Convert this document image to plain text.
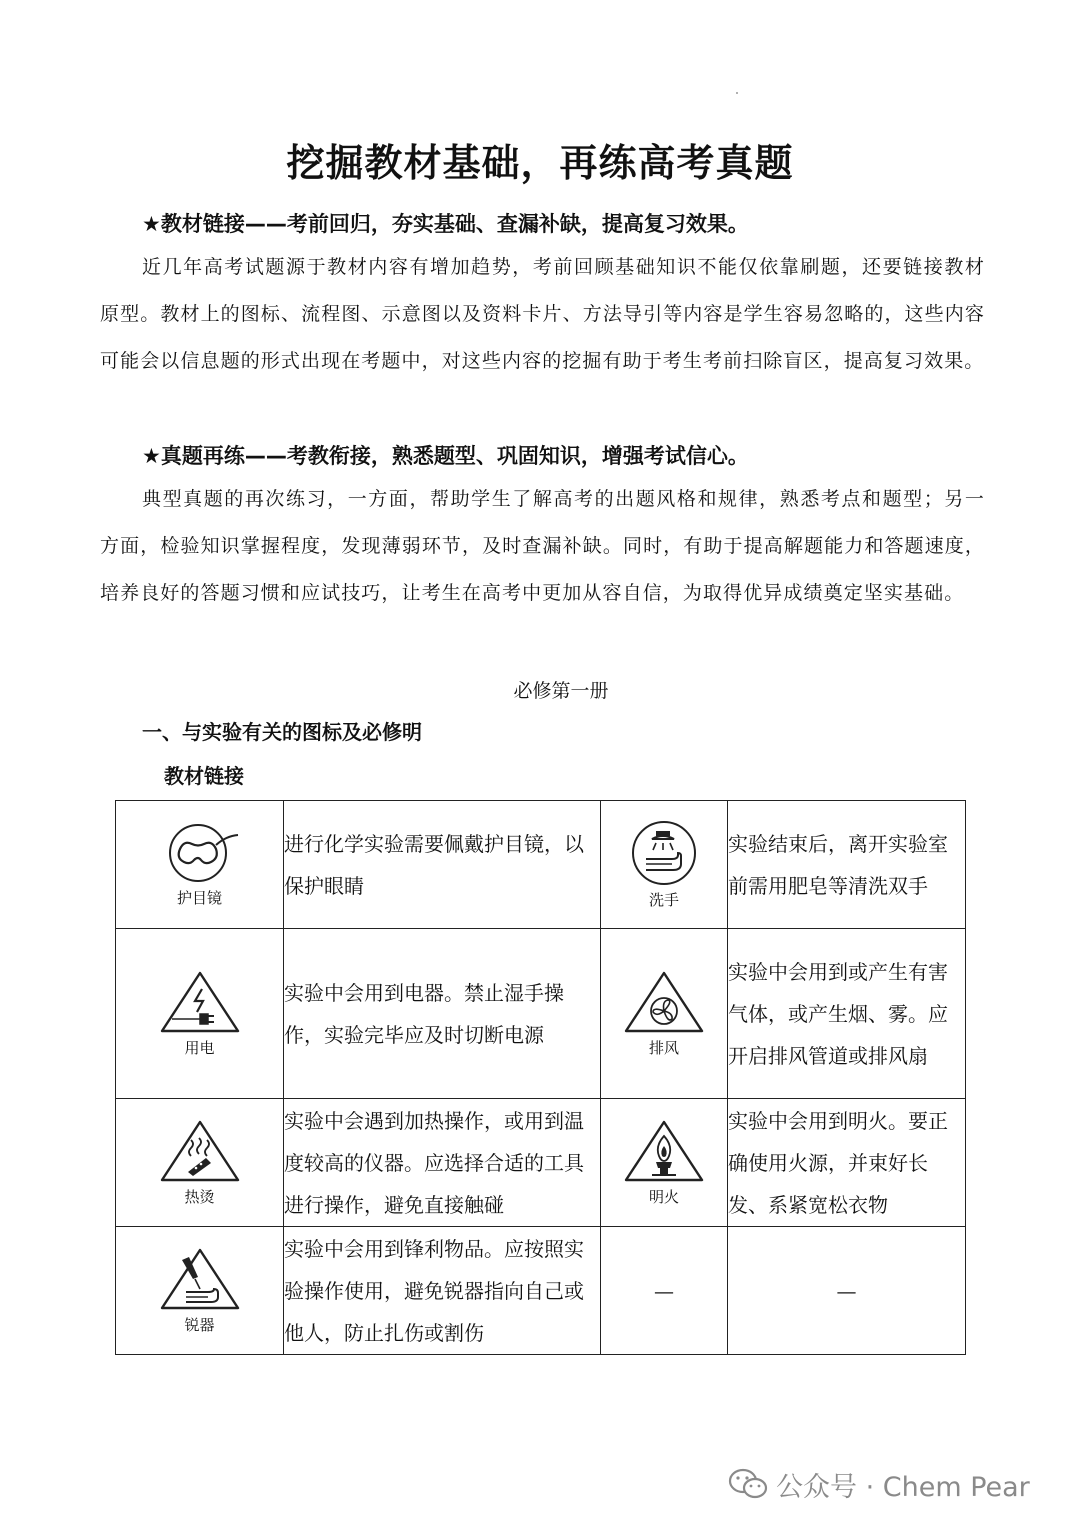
挖掘教材基础，再练高考真题

★教材链接——考前回归，夯实基础、查漏补缺，提高复习效果。

近几年高考试题源于教材内容有增加趋势，考前回顾基础知识不能仅依靠刷题，还要链接教材原型。教材上的图标、流程图、示意图以及资料卡片、方法导引等内容是学生容易忽略的，这些内容可能会以信息题的形式出现在考题中，对这些内容的挖掘有助于考生考前扫除盲区，提高复习效果。

★真题再练——考教衔接，熟悉题型、巩固知识，增强考试信心。

典型真题的再次练习，一方面，帮助学生了解高考的出题风格和规律，熟悉考点和题型；另一方面，检验知识掌握程度，发现薄弱环节，及时查漏补缺。同时，有助于提高解题能力和答题速度，培养良好的答题习惯和应试技巧，让考生在高考中更加从容自信，为取得优异成绩奠定坚实基础。

必修第一册

一、与实验有关的图标及必修明

教材链接

护目镜	进行化学实验需要佩戴护目镜，以保护眼睛	洗手	实验结束后，离开实验室前需用肥皂等清洗双手

用电	实验中会用到电器。禁止湿手操作，实验完毕应及时切断电源	排风	实验中会用到或产生有害气体，或产生烟、雾。应开启排风管道或排风扇

热烫	实验中会遇到加热操作，或用到温度较高的仪器。应选择合适的工具进行操作，避免直接触碰	明火	实验中会用到明火。要正确使用火源，并束好长发、系紧宽松衣物

锐器	实验中会用到锋利物品。应按照实验操作使用，避免锐器指向自己或他人，防止扎伤或割伤	—	—
公众号 · Chem Pear
